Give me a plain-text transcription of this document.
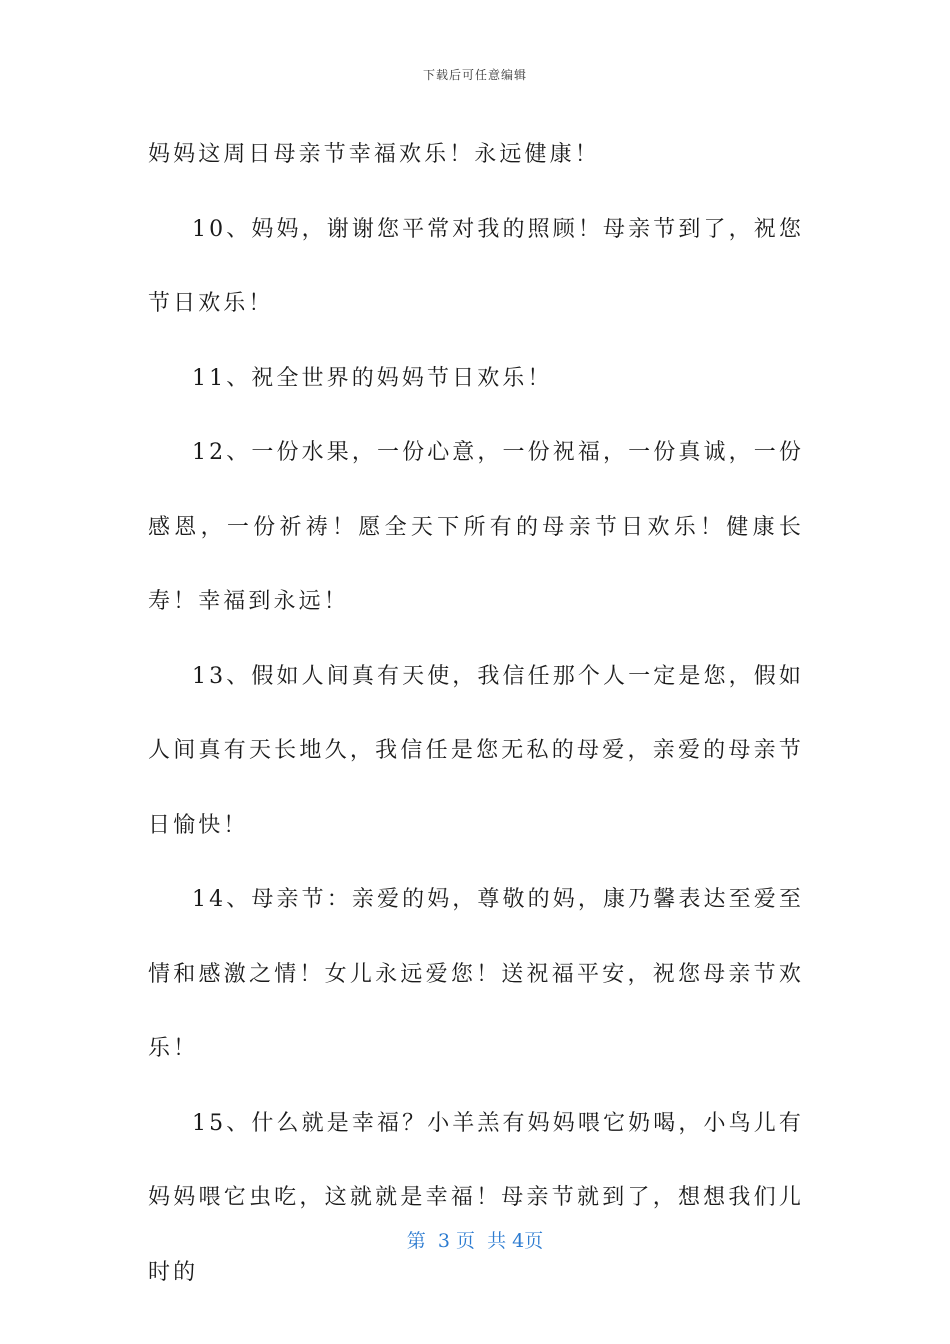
下载后可任意编辑

妈妈这周日母亲节幸福欢乐！永远健康！

10、妈妈，谢谢您平常对我的照顾！母亲节到了，祝您节日欢乐！

11、祝全世界的妈妈节日欢乐！

12、一份水果，一份心意，一份祝福，一份真诚，一份感恩，一份祈祷！愿全天下所有的母亲节日欢乐！健康长寿！幸福到永远！

13、假如人间真有天使，我信任那个人一定是您，假如人间真有天长地久，我信任是您无私的母爱，亲爱的母亲节日愉快！

14、母亲节：亲爱的妈，尊敬的妈，康乃馨表达至爱至情和感激之情！女儿永远爱您！送祝福平安，祝您母亲节欢乐！

15、什么就是幸福？小羊羔有妈妈喂它奶喝，小鸟儿有妈妈喂它虫吃，这就就是幸福！母亲节就到了，想想我们儿时的

第  3 页  共 4页
